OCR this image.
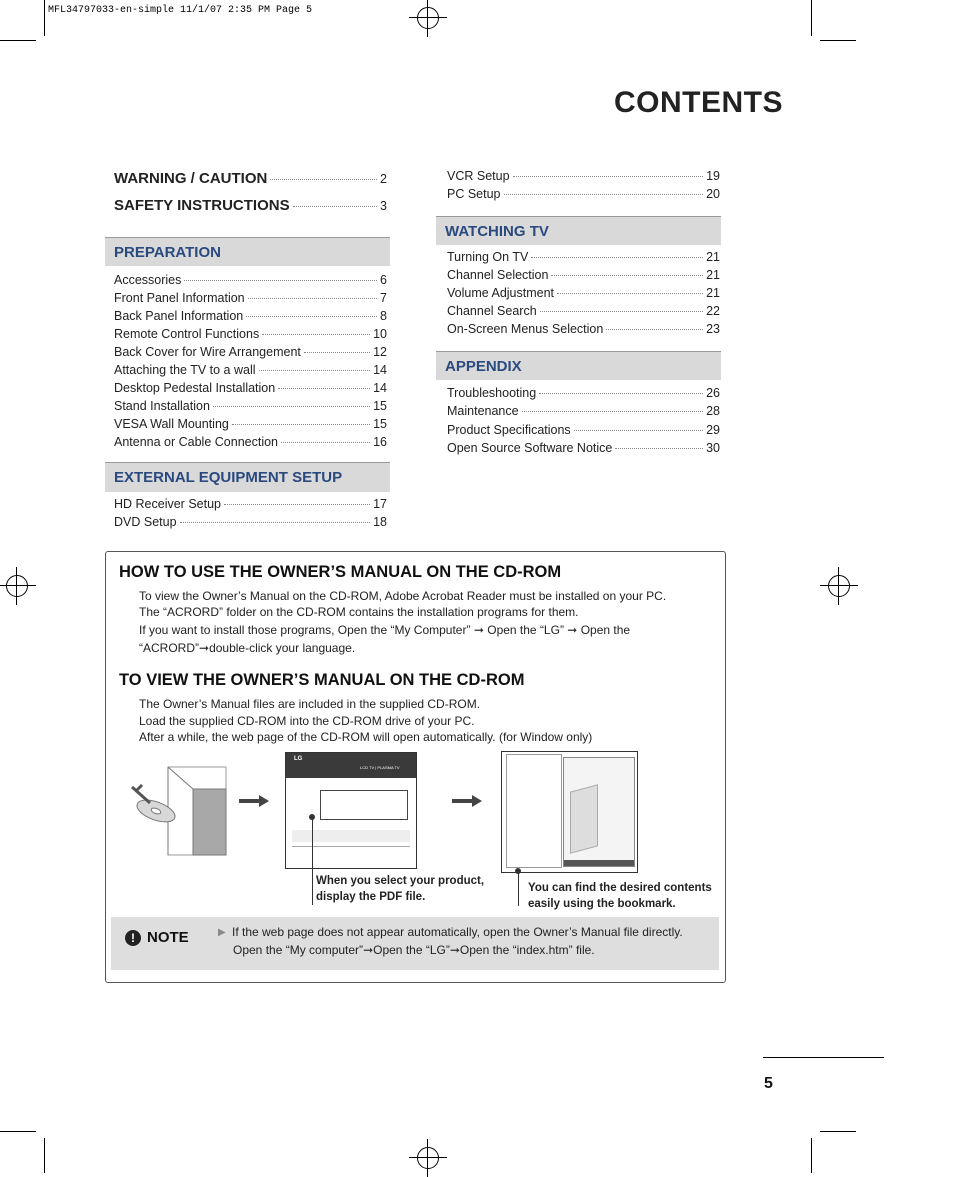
MFL34797033-en-simple 11/1/07 2:35 PM Page 5
CONTENTS
WARNING / CAUTION	2
SAFETY INSTRUCTIONS	3
PREPARATION
Accessories	6
Front Panel Information	7
Back Panel Information	8
Remote Control Functions	10
Back Cover for Wire Arrangement	12
Attaching the TV to a wall	14
Desktop Pedestal Installation	14
Stand Installation	15
VESA Wall Mounting	15
Antenna or Cable Connection	16
EXTERNAL EQUIPMENT SETUP
HD Receiver Setup	17
DVD Setup	18
VCR Setup	19
PC Setup	20
WATCHING TV
Turning On TV	21
Channel Selection	21
Volume Adjustment	21
Channel Search	22
On-Screen Menus Selection	23
APPENDIX
Troubleshooting	26
Maintenance	28
Product Specifications	29
Open Source Software Notice	30
HOW TO USE THE OWNER’S MANUAL ON THE CD-ROM
To view the Owner’s Manual on the CD-ROM, Adobe Acrobat Reader must be installed on your PC.
The “ACRORD” folder on the CD-ROM contains the installation programs for them.
If you want to install those programs, Open the “My Computer” ➞ Open the “LG” ➞ Open the
“ACRORD”➞double-click your language.
TO VIEW THE OWNER’S MANUAL ON THE CD-ROM
The Owner’s Manual files are included in the supplied CD-ROM.
Load the supplied CD-ROM into the CD-ROM drive of your PC.
After a while, the web page of the CD-ROM will open automatically. (for Window only)
LG
LCD TV | PLASMA TV
When you select your product,
display the PDF file.
You can find the desired contents
easily using the bookmark.
! NOTE	▶ If the web page does not appear automatically, open the Owner’s Manual file directly.
Open the “My computer”➞Open the “LG”➞Open the “index.htm” file.
5
